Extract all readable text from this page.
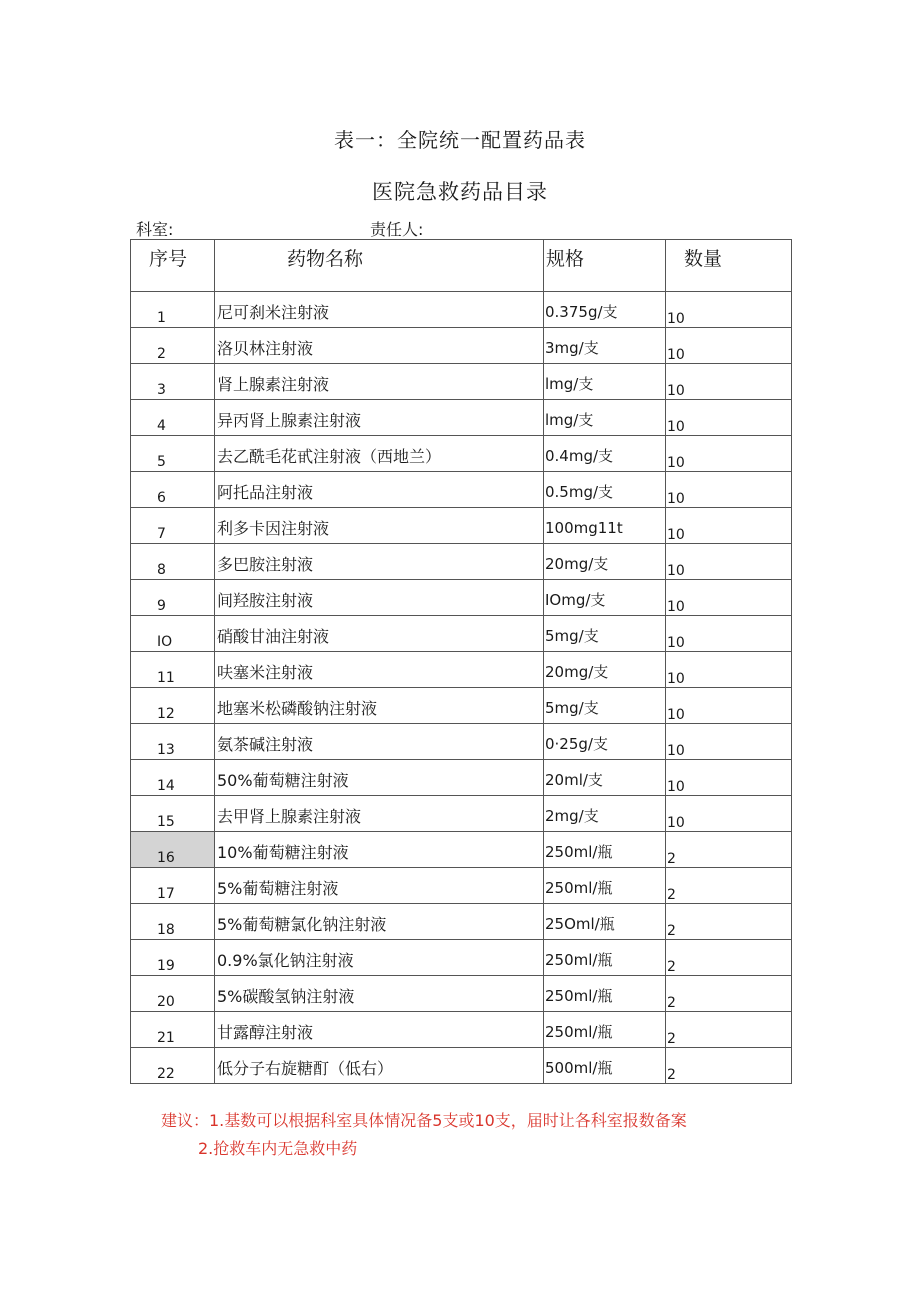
表一：全院统一配置药品表
医院急救药品目录
科室:	责任人:
序号	药物名称	规格	数量

1	尼可刹米注射液	0.375g/支	10

2	洛贝林注射液	3mg/支	10

3	肾上腺素注射液	lmg/支	10

4	异丙肾上腺素注射液	lmg/支	10

5	去乙酰毛花甙注射液（西地兰）	0.4mg/支	10

6	阿托品注射液	0.5mg/支	10

7	利多卡因注射液	100mg11t	10

8	多巴胺注射液	20mg/支	10

9	间羟胺注射液	IOmg/支	10

IO	硝酸甘油注射液	5mg/支	10

11	呋塞米注射液	20mg/支	10

12	地塞米松磷酸钠注射液	5mg/支	10

13	氨茶碱注射液	0·25g/支	10

14	50%葡萄糖注射液	20ml/支	10

15	去甲肾上腺素注射液	2mg/支	10

16	10%葡萄糖注射液	250ml/瓶	2

17	5%葡萄糖注射液	250ml/瓶	2

18	5%葡萄糖氯化钠注射液	25Oml/瓶	2

19	0.9%氯化钠注射液	250ml/瓶	2

20	5%碳酸氢钠注射液	250ml/瓶	2

21	甘露醇注射液	250ml/瓶	2

22	低分子右旋糖酊（低右）	500ml/瓶	2
建议：1.基数可以根据科室具体情况备5支或10支，届时让各科室报数备案
2.抢救车内无急救中药
